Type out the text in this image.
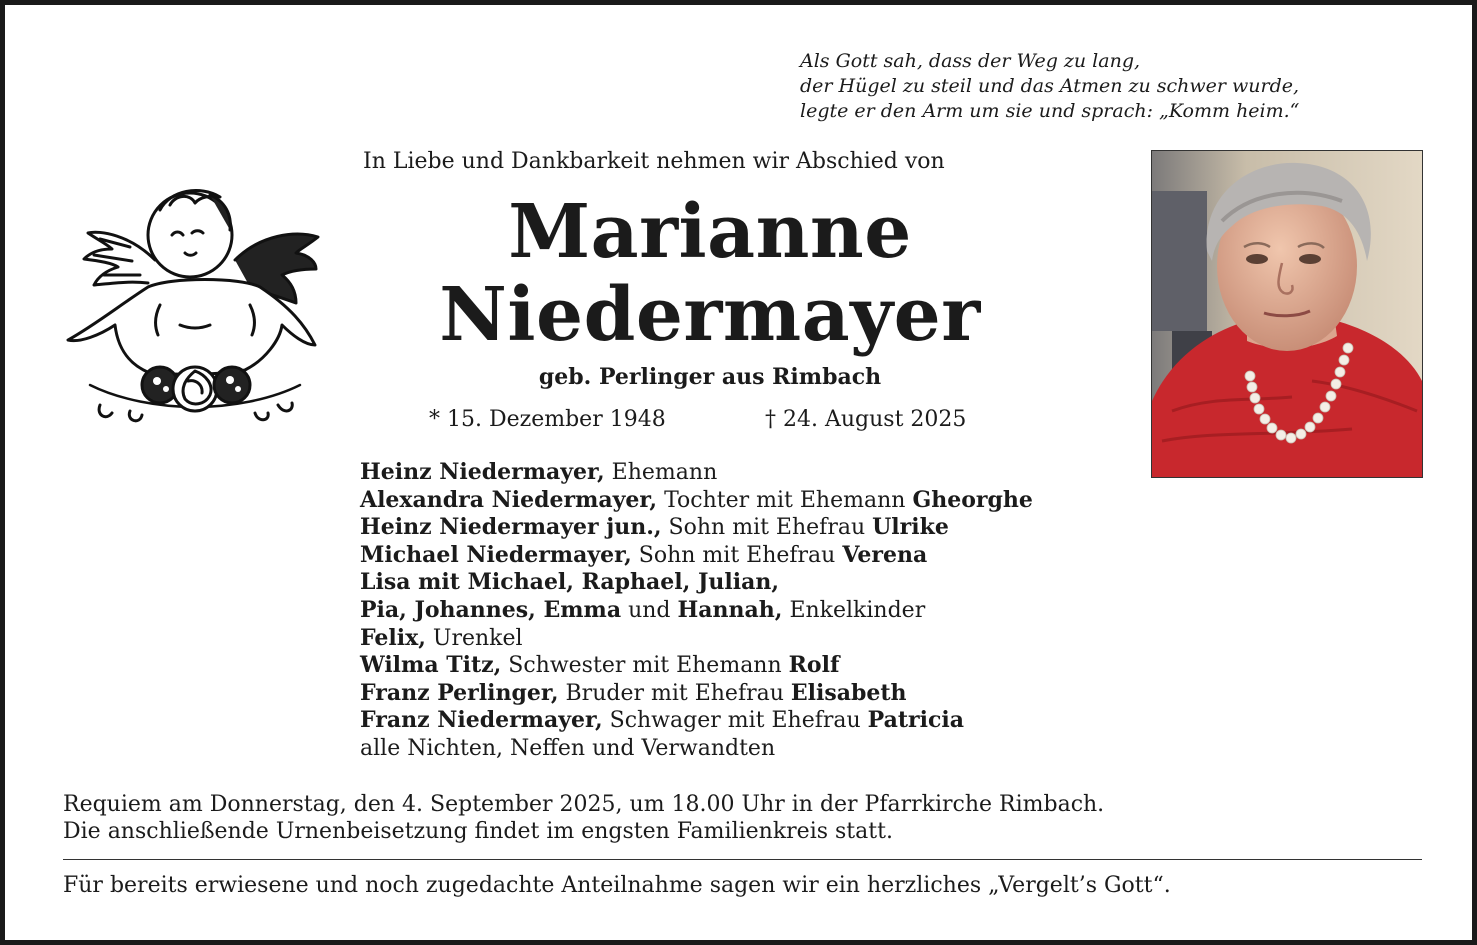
Als Gott sah, dass der Weg zu lang,
der Hügel zu steil und das Atmen zu schwer wurde,
legte er den Arm um sie und sprach: „Komm heim.“
In Liebe und Dankbarkeit nehmen wir Abschied von
Marianne
Niedermayer
geb. Perlinger aus Rimbach
* 15. Dezember 1948	† 24. August 2025
Heinz Niedermayer, Ehemann
Alexandra Niedermayer, Tochter mit Ehemann Gheorghe
Heinz Niedermayer jun., Sohn mit Ehefrau Ulrike
Michael Niedermayer, Sohn mit Ehefrau Verena
Lisa mit Michael, Raphael, Julian,
Pia, Johannes, Emma und Hannah, Enkelkinder
Felix, Urenkel
Wilma Titz, Schwester mit Ehemann Rolf
Franz Perlinger, Bruder mit Ehefrau Elisabeth
Franz Niedermayer, Schwager mit Ehefrau Patricia
alle Nichten, Neffen und Verwandten
Requiem am Donnerstag, den 4. September 2025, um 18.00 Uhr in der Pfarrkirche Rimbach.
Die anschließende Urnenbeisetzung findet im engsten Familienkreis statt.
Für bereits erwiesene und noch zugedachte Anteilnahme sagen wir ein herzliches „Vergelt’s Gott“.
